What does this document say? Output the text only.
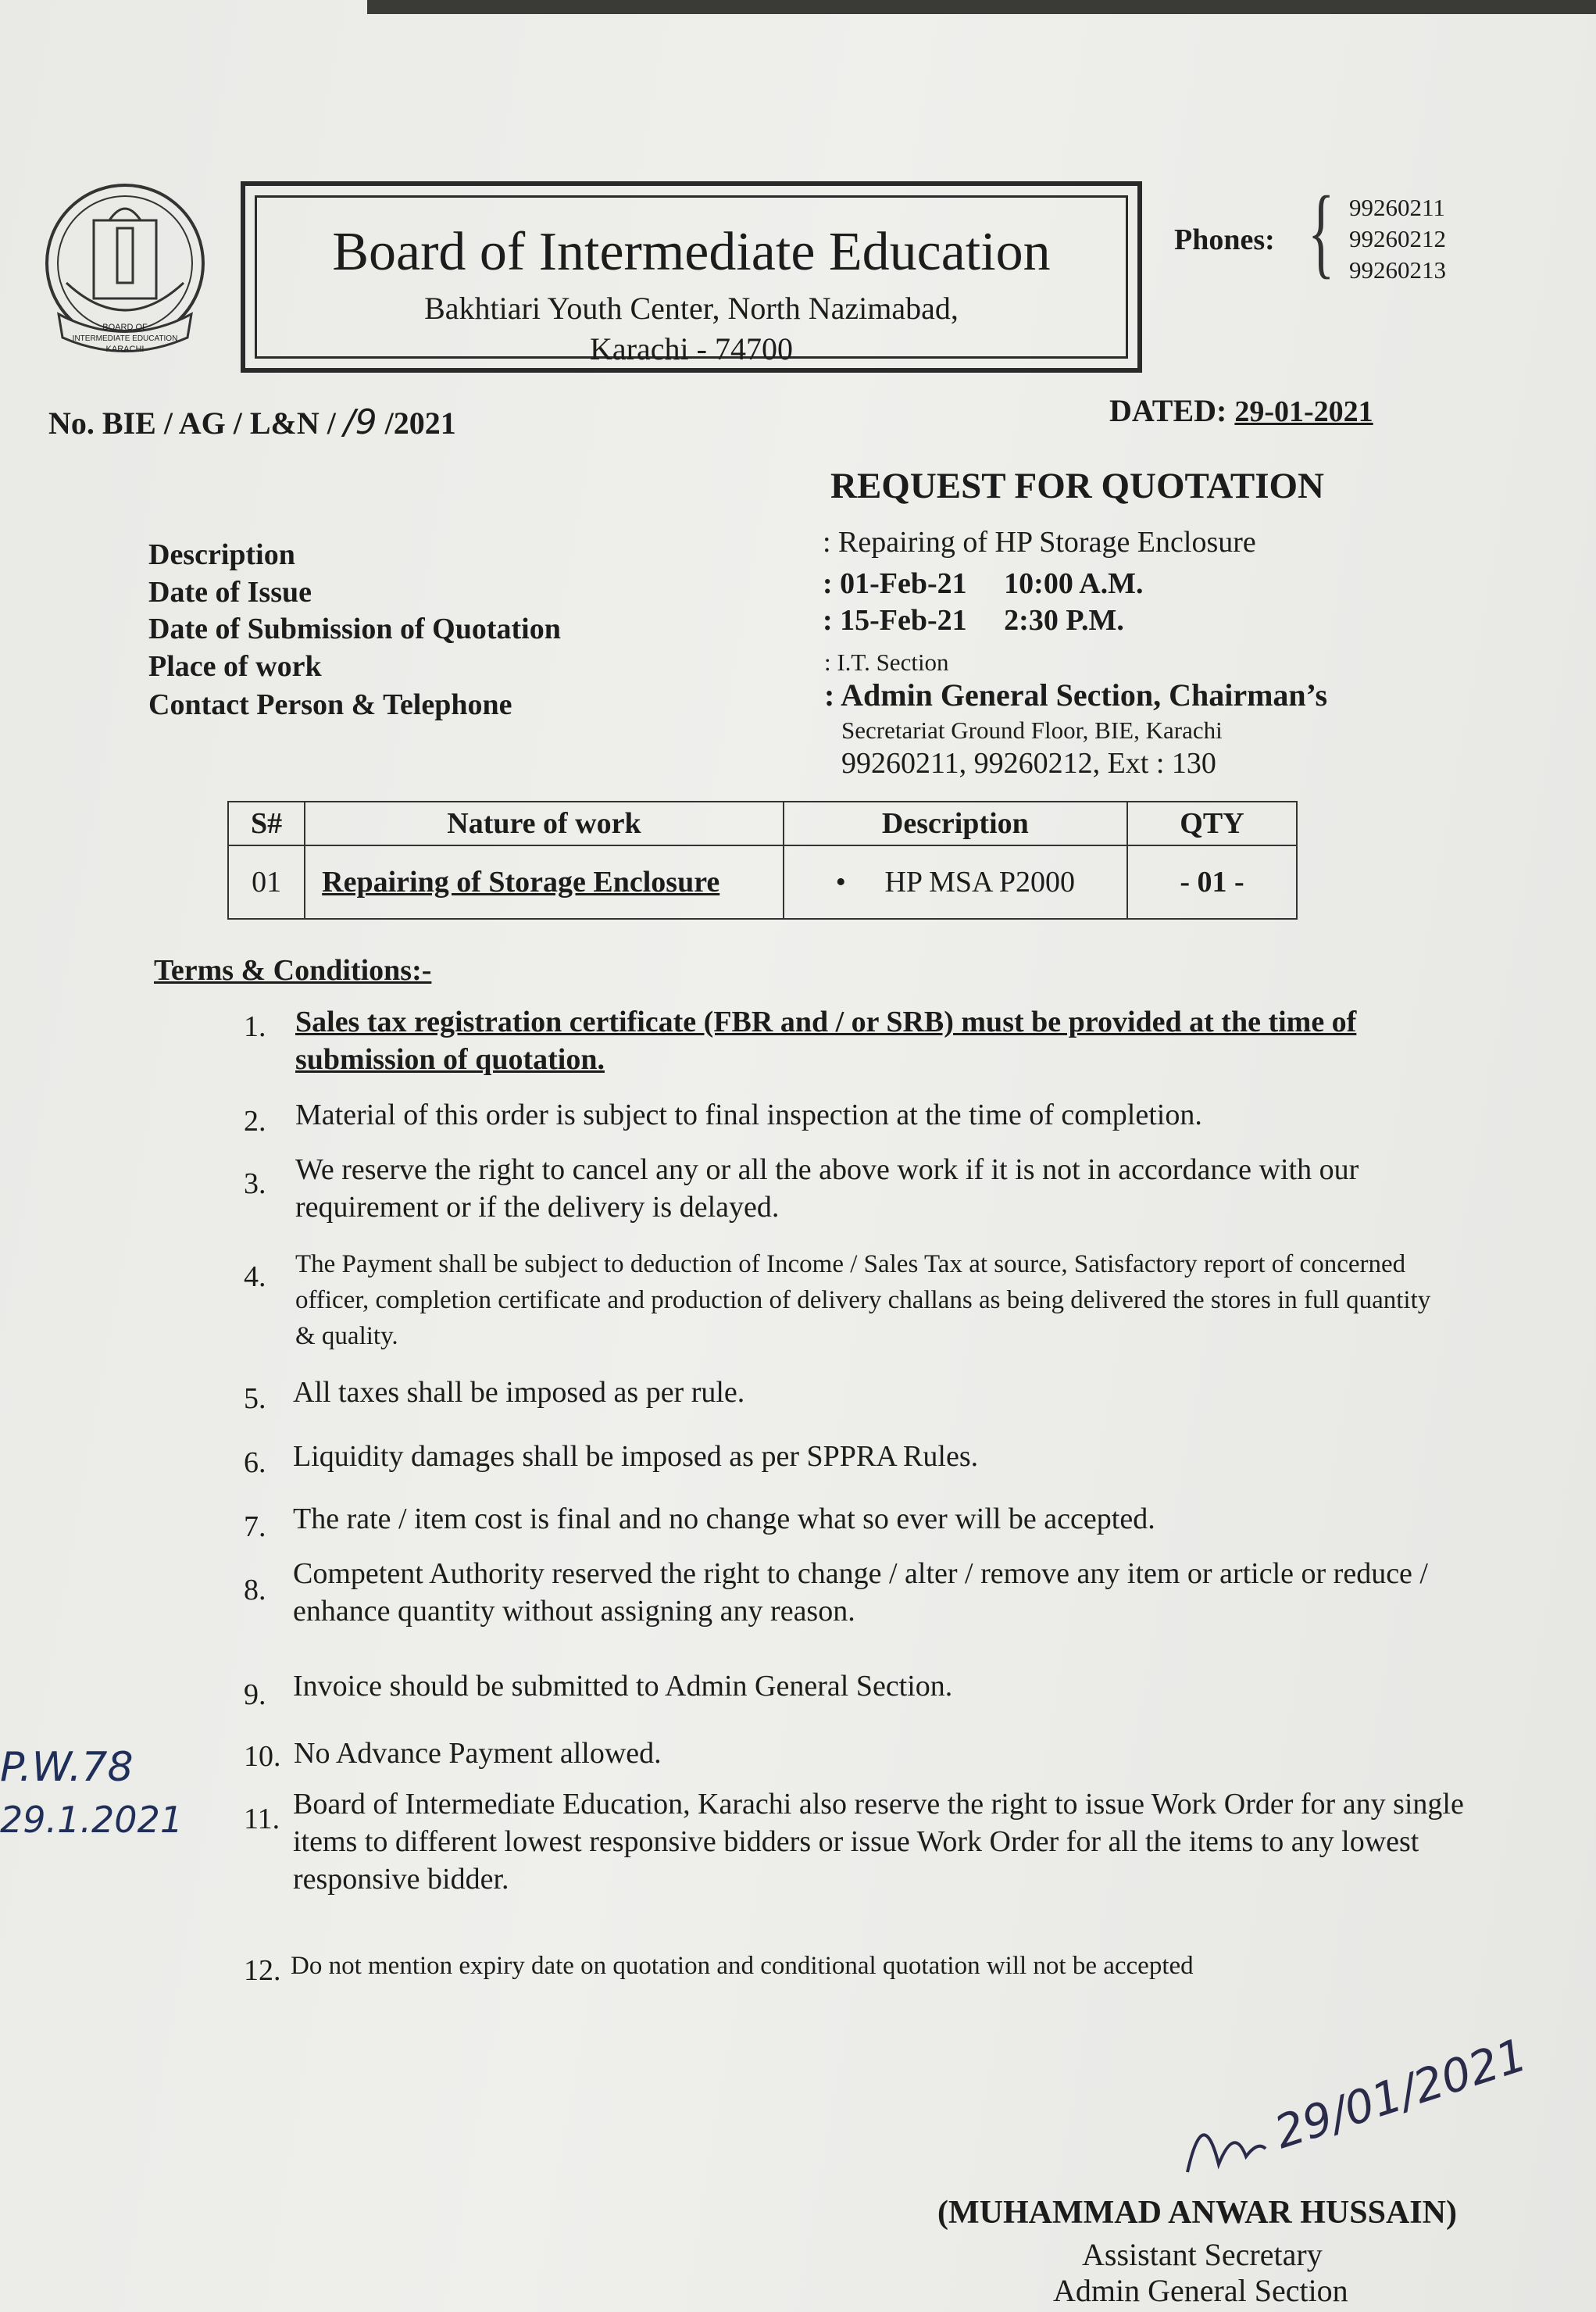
BOARD OF
INTERMEDIATE EDUCATION
KARACHI
Board of Intermediate Education
Bakhtiari Youth Center, North Nazimabad,
Karachi - 74700
Phones: { 99260211
99260212
99260213
No. BIE / AG / L&N / /9 /2021	DATED: 29-01-2021
REQUEST FOR QUOTATION
Description	: Repairing of HP Storage Enclosure
Date of Issue	: 01-Feb-21     10:00 A.M.
Date of Submission of Quotation	: 15-Feb-21     2:30 P.M.
Place of work	: I.T. Section
Contact Person & Telephone	: Admin General Section, Chairman’s
Secretariat Ground Floor, BIE, Karachi
99260211, 99260212, Ext : 130
S#	Nature of work	Description	QTY
01	Repairing of Storage Enclosure	• HP MSA P2000	- 01 -
Terms & Conditions:-
1. Sales tax registration certificate (FBR and / or SRB) must be provided at the time of submission of quotation.
2. Material of this order is subject to final inspection at the time of completion.
3. We reserve the right to cancel any or all the above work if it is not in accordance with our requirement or if the delivery is delayed.
4. The Payment shall be subject to deduction of Income / Sales Tax at source, Satisfactory report of concerned officer, completion certificate and production of delivery challans as being delivered the stores in full quantity & quality.
5. All taxes shall be imposed as per rule.
6. Liquidity damages shall be imposed as per SPPRA Rules.
7. The rate / item cost is final and no change what so ever will be accepted.
8. Competent Authority reserved the right to change / alter / remove any item or article or reduce / enhance quantity without assigning any reason.
9. Invoice should be submitted to Admin General Section.
10. No Advance Payment allowed.
11. Board of Intermediate Education, Karachi also reserve the right to issue Work Order for any single items to different lowest responsive bidders or issue Work Order for all the items to any lowest responsive bidder.
12. Do not mention expiry date on quotation and conditional quotation will not be accepted
P.W.78
29.1.2021
29/01/2021
(MUHAMMAD ANWAR HUSSAIN)
Assistant Secretary
Admin General Section
